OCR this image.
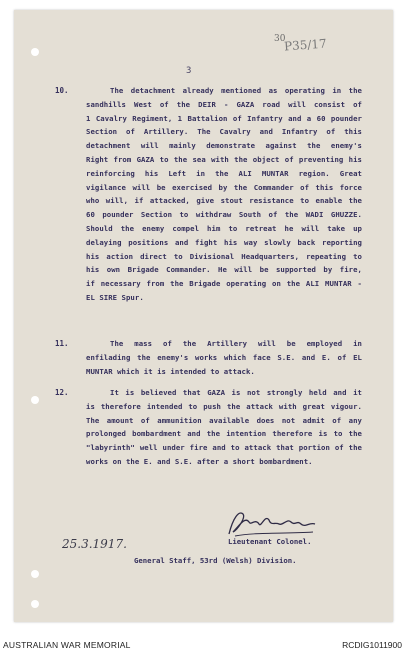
3
30
P35/17
10.	The detachment already mentioned as operating in the
sandhills West of the DEIR - GAZA road will consist of
1 Cavalry Regiment, 1 Battalion of Infantry and a 60 pounder
Section of Artillery. The Cavalry and Infantry of this
detachment will mainly demonstrate against the enemy's
Right from GAZA to the sea with the object of preventing his
reinforcing his Left in the ALI MUNTAR region. Great
vigilance will be exercised by the Commander of this force
who will, if attacked, give stout resistance to enable the
60 pounder Section to withdraw South of the WADI GHUZZE.
Should the enemy compel him to retreat he will take up
delaying positions and fight his way slowly back reporting
his action direct to Divisional Headquarters, repeating to
his own Brigade Commander. He will be supported by fire,
if necessary from the Brigade operating on the ALI MUNTAR -
EL SIRE Spur.
11.	The mass of the Artillery will be employed in
enfilading the enemy's works which face S.E. and E. of EL
MUNTAR which it is intended to attack.
12.	It is believed that GAZA is not strongly held and it
is therefore intended to push the attack with great vigour.
The amount of ammunition available does not admit of any
prolonged bombardment and the intention therefore is to the
"labyrinth" well under fire and to attack that portion of the
works on the E. and S.E. after a short bombardment.
Lieutenant Colonel.
25.3.1917.
General Staff, 53rd (Welsh) Division.
AUSTRALIAN WAR MEMORIAL	RCDIG1011900
